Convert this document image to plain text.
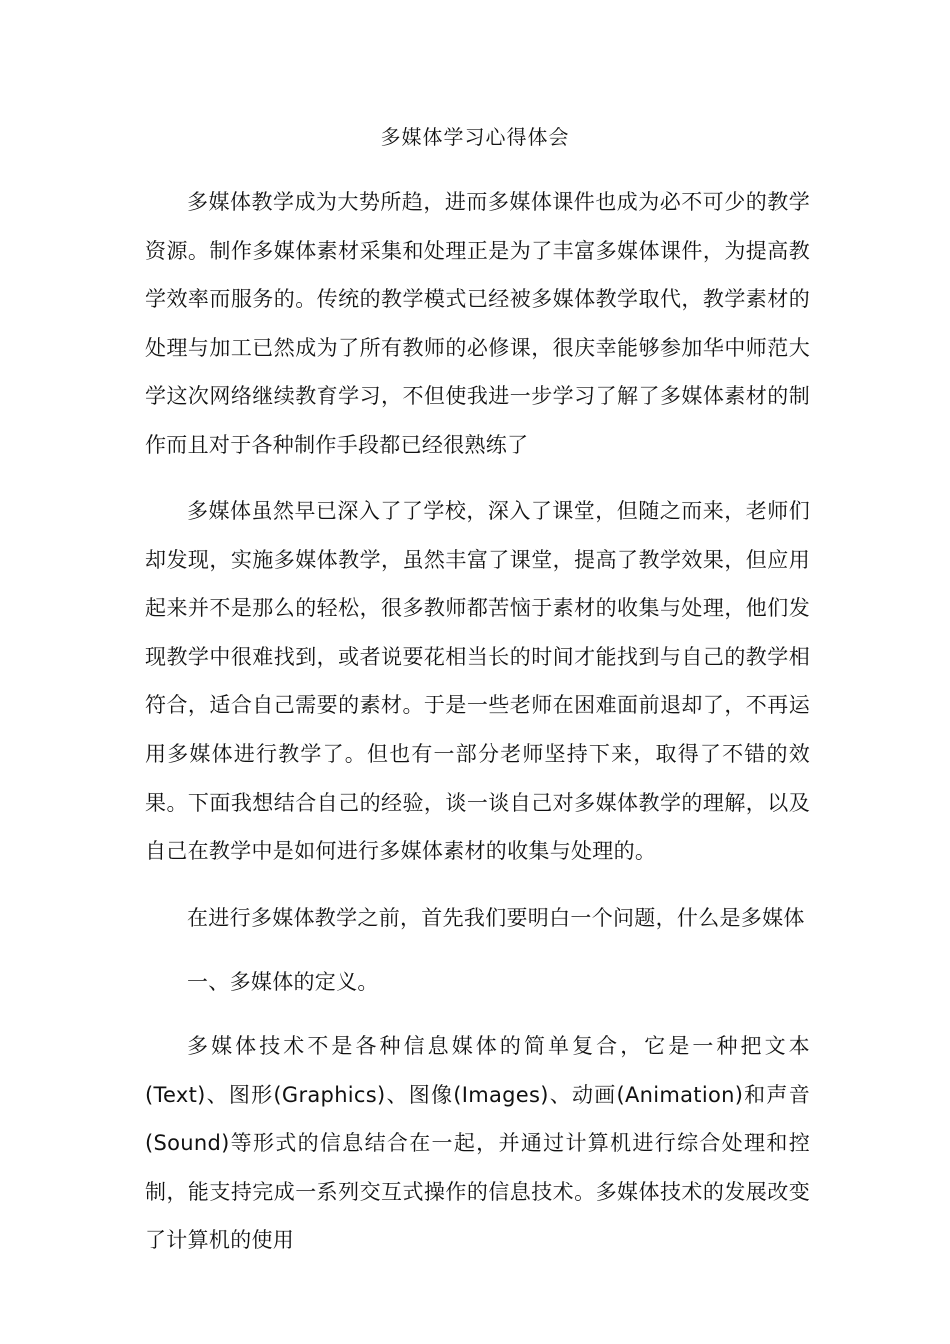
多媒体学习心得体会

多媒体教学成为大势所趋，进而多媒体课件也成为必不可少的教学资源。制作多媒体素材采集和处理正是为了丰富多媒体课件，为提高教学效率而服务的。传统的教学模式已经被多媒体教学取代，教学素材的处理与加工已然成为了所有教师的必修课，很庆幸能够参加华中师范大学这次网络继续教育学习，不但使我进一步学习了解了多媒体素材的制作而且对于各种制作手段都已经很熟练了

多媒体虽然早已深入了了学校，深入了课堂，但随之而来，老师们却发现，实施多媒体教学，虽然丰富了课堂，提高了教学效果，但应用起来并不是那么的轻松，很多教师都苦恼于素材的收集与处理，他们发现教学中很难找到，或者说要花相当长的时间才能找到与自己的教学相符合，适合自己需要的素材。于是一些老师在困难面前退却了，不再运用多媒体进行教学了。但也有一部分老师坚持下来，取得了不错的效果。下面我想结合自己的经验，谈一谈自己对多媒体教学的理解，以及自己在教学中是如何进行多媒体素材的收集与处理的。

在进行多媒体教学之前，首先我们要明白一个问题，什么是多媒体

一、多媒体的定义。

多媒体技术不是各种信息媒体的简单复合，它是一种把文本(Text)、图形(Graphics)、图像(Images)、动画(Animation)和声音(Sound)等形式的信息结合在一起，并通过计算机进行综合处理和控制，能支持完成一系列交互式操作的信息技术。多媒体技术的发展改变了计算机的使用
